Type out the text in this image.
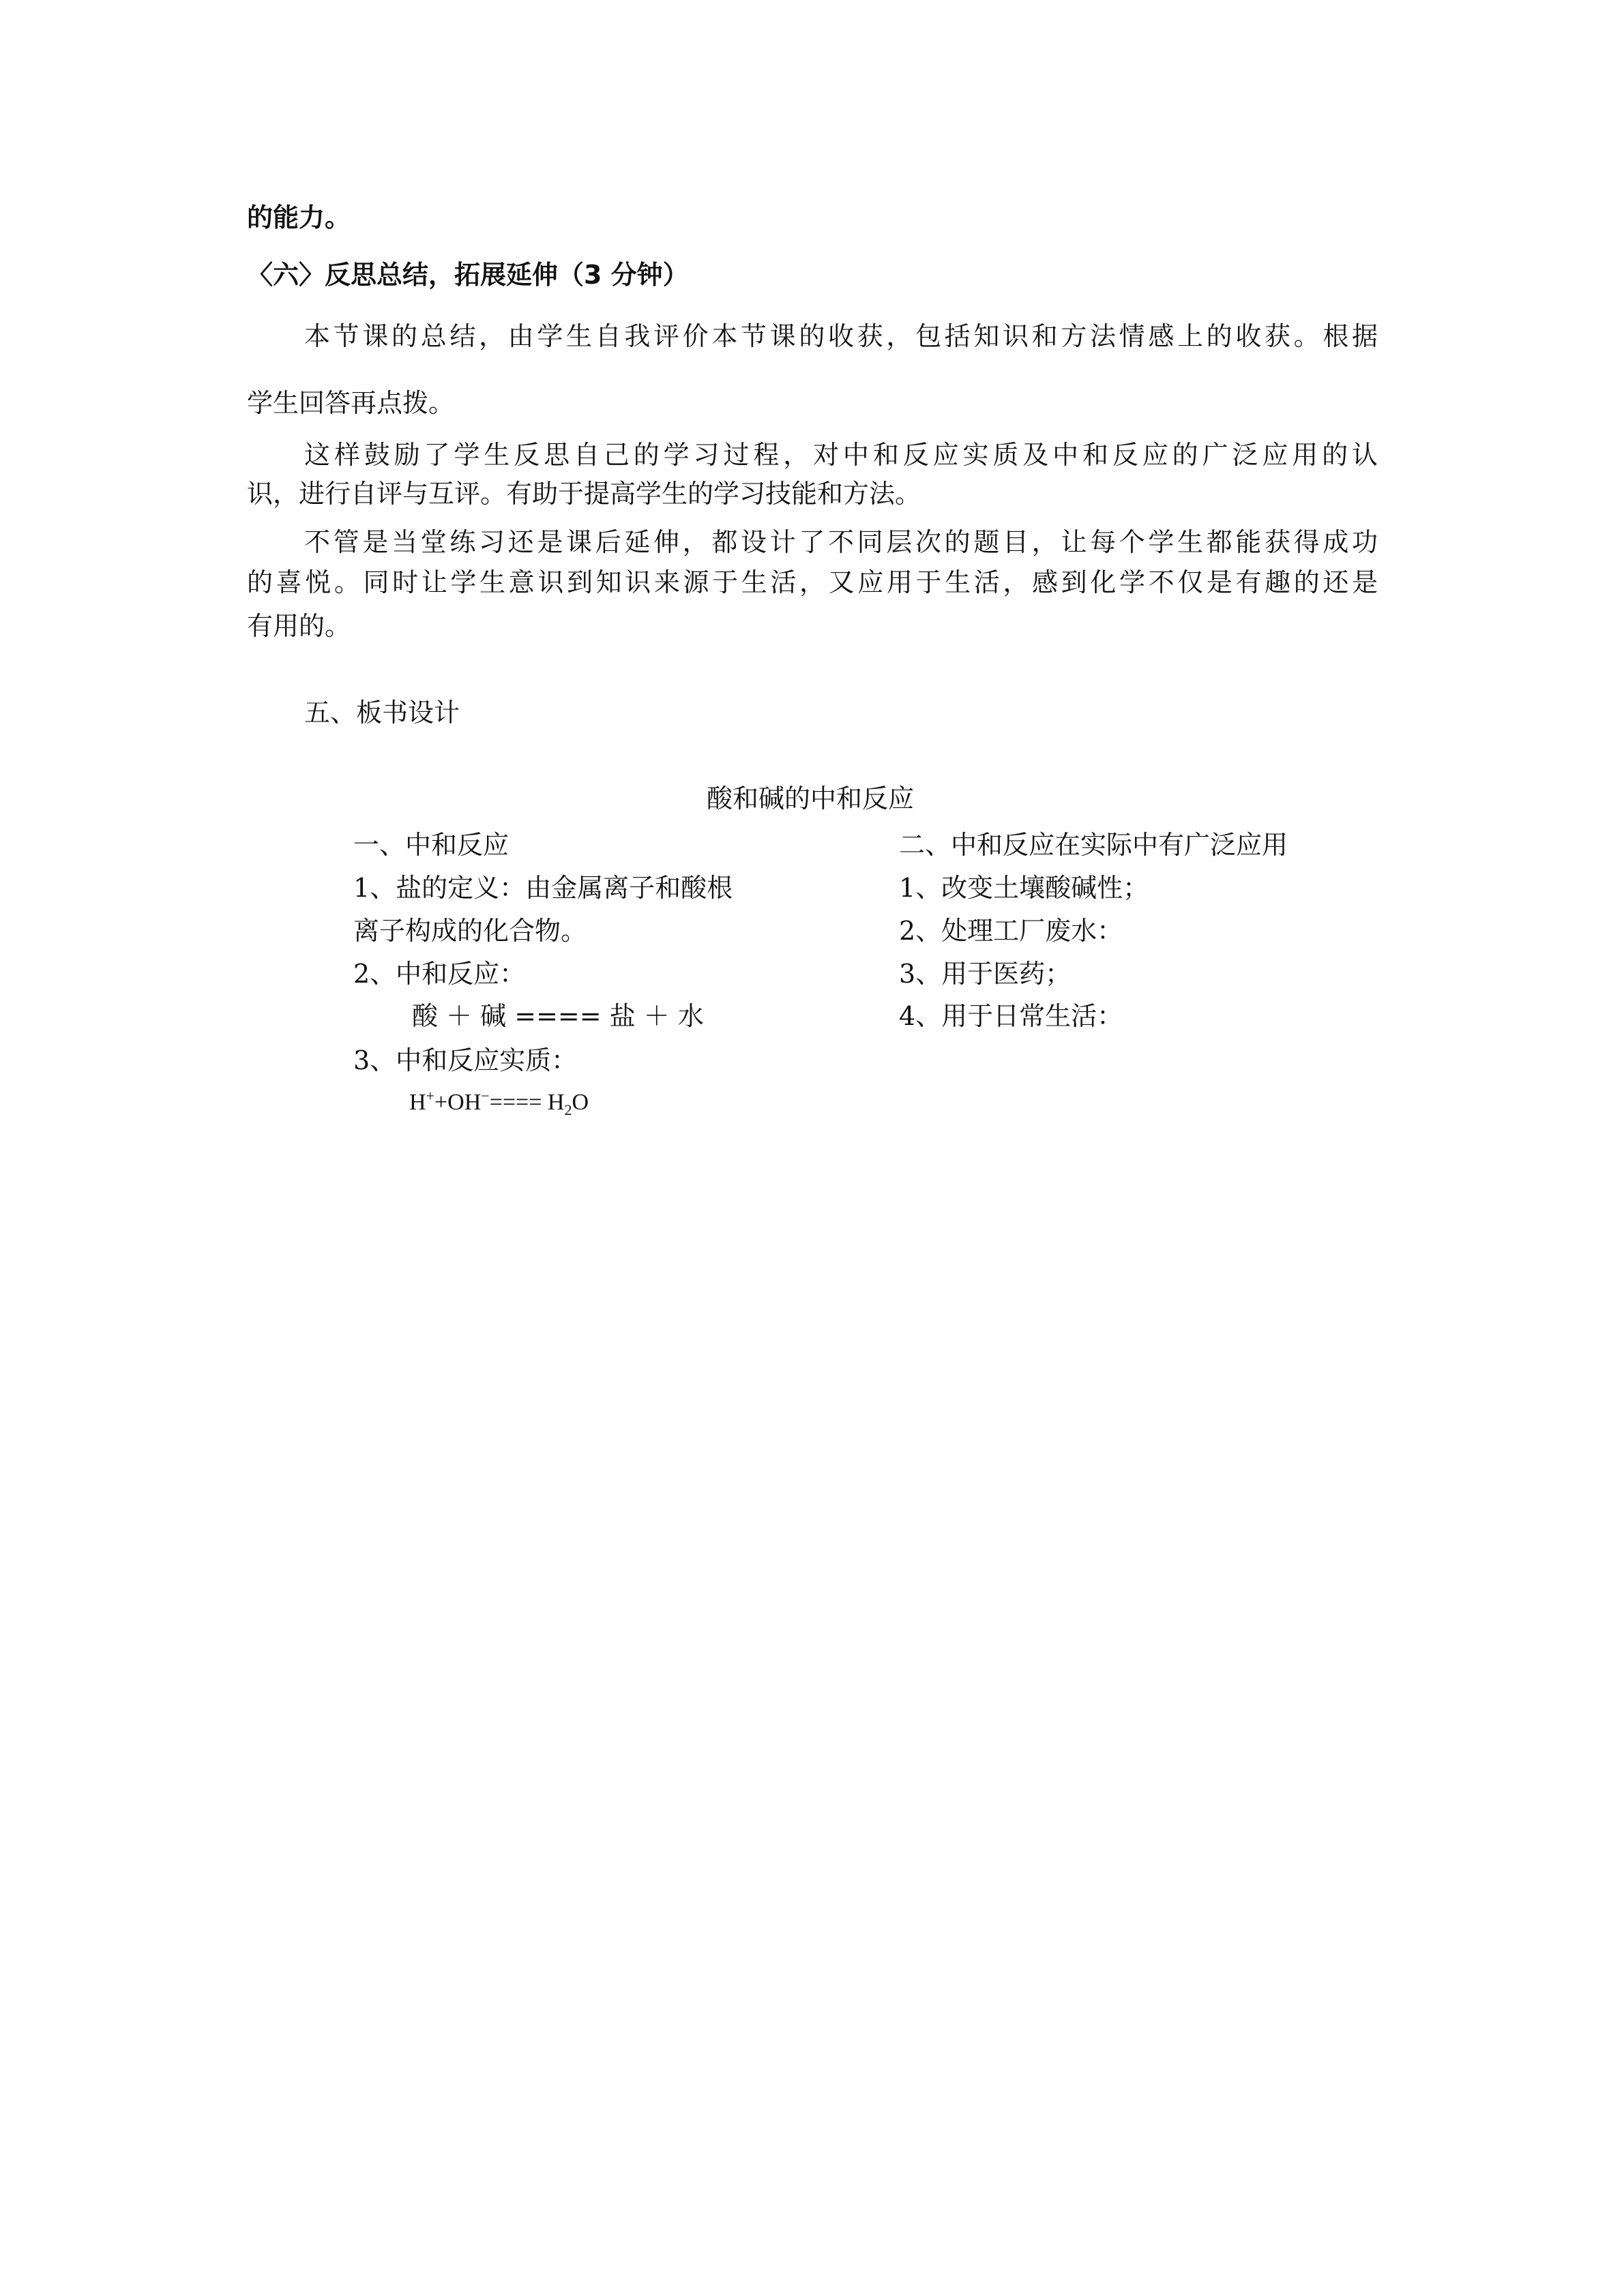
的能力。
〈六〉反思总结，拓展延伸（3 分钟）
本节课的总结，由学生自我评价本节课的收获，包括知识和方法情感上的收获。根据
学生回答再点拨。
这样鼓励了学生反思自己的学习过程，对中和反应实质及中和反应的广泛应用的认
识，进行自评与互评。有助于提高学生的学习技能和方法。
不管是当堂练习还是课后延伸，都设计了不同层次的题目，让每个学生都能获得成功
的喜悦。同时让学生意识到知识来源于生活，又应用于生活，感到化学不仅是有趣的还是
有用的。
五、板书设计
酸和碱的中和反应
一、中和反应
1、盐的定义：由金属离子和酸根
离子构成的化合物。
2、中和反应：
酸 ＋ 碱 ==== 盐 ＋ 水
3、中和反应实质：
$H^++OH^-==== H_2O$
二、中和反应在实际中有广泛应用
1、改变土壤酸碱性；
2、处理工厂废水：
3、用于医药；
4、用于日常生活：
